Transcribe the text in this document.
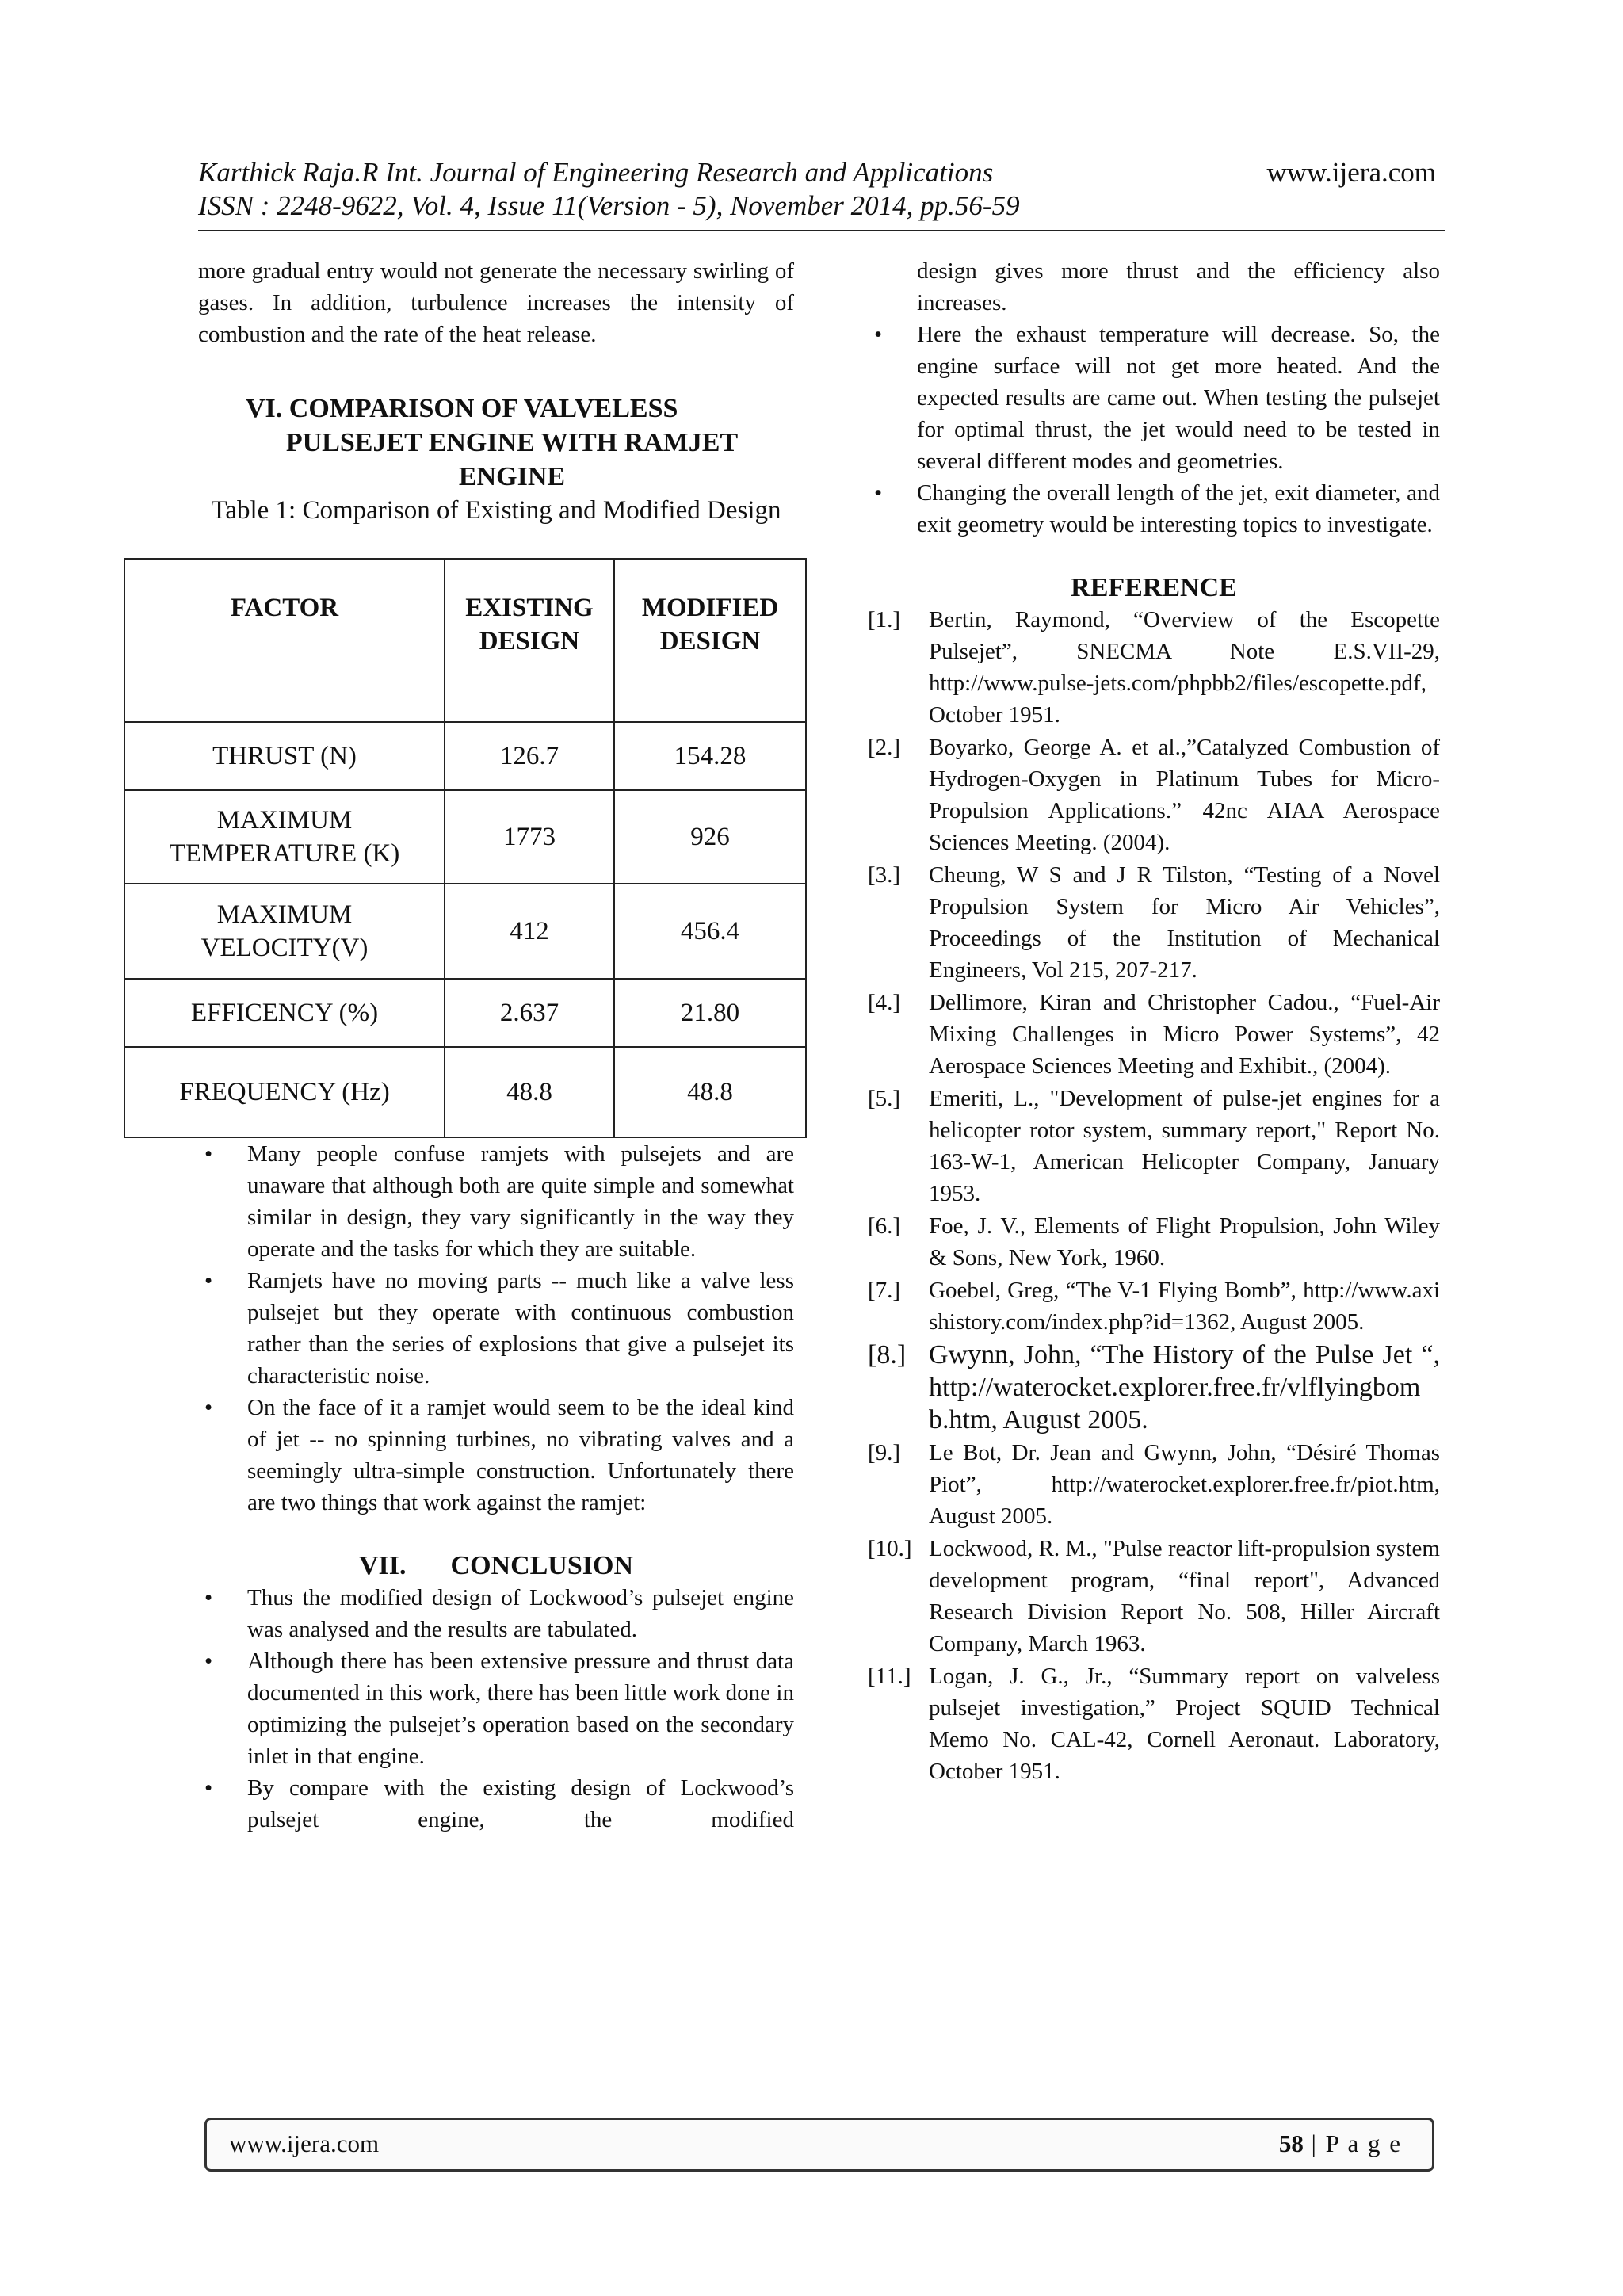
Karthick Raja.R Int. Journal of Engineering Research and Applications	www.ijera.com
ISSN : 2248-9622, Vol. 4, Issue 11(Version - 5), November 2014, pp.56-59

more gradual entry would not generate the necessary swirling of gases. In addition, turbulence increases the intensity of combustion and the rate of the heat release.

VI. COMPARISON OF VALVELESS
PULSEJET ENGINE WITH RAMJET ENGINE

Table 1: Comparison of Existing and Modified Design

FACTOR	EXISTING DESIGN	MODIFIED DESIGN
THRUST (N)	126.7	154.28
MAXIMUM TEMPERATURE (K)	1773	926
MAXIMUM VELOCITY(V)	412	456.4
EFFICENCY (%)	2.637	21.80
FREQUENCY (Hz)	48.8	48.8
• Many people confuse ramjets with pulsejets and are unaware that although both are quite simple and somewhat similar in design, they vary significantly in the way they operate and the tasks for which they are suitable.
• Ramjets have no moving parts -- much like a valve less pulsejet but they operate with continuous combustion rather than the series of explosions that give a pulsejet its characteristic noise.
• On the face of it a ramjet would seem to be the ideal kind of jet -- no spinning turbines, no vibrating valves and a seemingly ultra-simple construction. Unfortunately there are two things that work against the ramjet:
VII. CONCLUSION
• Thus the modified design of Lockwood’s pulsejet engine was analysed and the results are tabulated.
• Although there has been extensive pressure and thrust data documented in this work, there has been little work done in optimizing the pulsejet’s operation based on the secondary inlet in that engine.
• By compare with the existing design of Lockwood’s pulsejet engine, the modified
design gives more thrust and the efficiency also increases.
• Here the exhaust temperature will decrease. So, the engine surface will not get more heated. And the expected results are came out. When testing the pulsejet for optimal thrust, the jet would need to be tested in several different modes and geometries.
• Changing the overall length of the jet, exit diameter, and exit geometry would be interesting topics to investigate.
REFERENCE
[1.] Bertin, Raymond, “Overview of the Escopette Pulsejet”, SNECMA Note E.S.VII-29, http://www.pulse-jets.com/phpbb2/files/escopette.pdf, October 1951.
[2.] Boyarko, George A. et al.,”Catalyzed Combustion of Hydrogen-Oxygen in Platinum Tubes for Micro-Propulsion Applications.” 42nc AIAA Aerospace Sciences Meeting. (2004).
[3.] Cheung, W S and J R Tilston, “Testing of a Novel Propulsion System for Micro Air Vehicles”, Proceedings of the Institution of Mechanical Engineers, Vol 215, 207-217.
[4.] Dellimore, Kiran and Christopher Cadou., “Fuel-Air Mixing Challenges in Micro Power Systems”, 42 Aerospace Sciences Meeting and Exhibit., (2004).
[5.] Emeriti, L., "Development of pulse-jet engines for a helicopter rotor system, summary report," Report No. 163-W-1, American Helicopter Company, January 1953.
[6.] Foe, J. V., Elements of Flight Propulsion, John Wiley & Sons, New York, 1960.
[7.] Goebel, Greg, “The V-1 Flying Bomb”, http://www.axishistory.com/index.php?id=1362, August 2005.
[8.] Gwynn, John, “The History of the Pulse Jet “, http://waterocket.explorer.free.fr/vlflyingbomb.htm, August 2005.
[9.] Le Bot, Dr. Jean and Gwynn, John, “Désiré Thomas Piot”, http://waterocket.explorer.free.fr/piot.htm, August 2005.
[10.] Lockwood, R. M., "Pulse reactor lift-propulsion system development program, “final report", Advanced Research Division Report No. 508, Hiller Aircraft Company, March 1963.
[11.] Logan, J. G., Jr., “Summary report on valveless pulsejet investigation,” Project SQUID Technical Memo No. CAL-42, Cornell Aeronaut. Laboratory, October 1951.
www.ijera.com	58 | P a g e
